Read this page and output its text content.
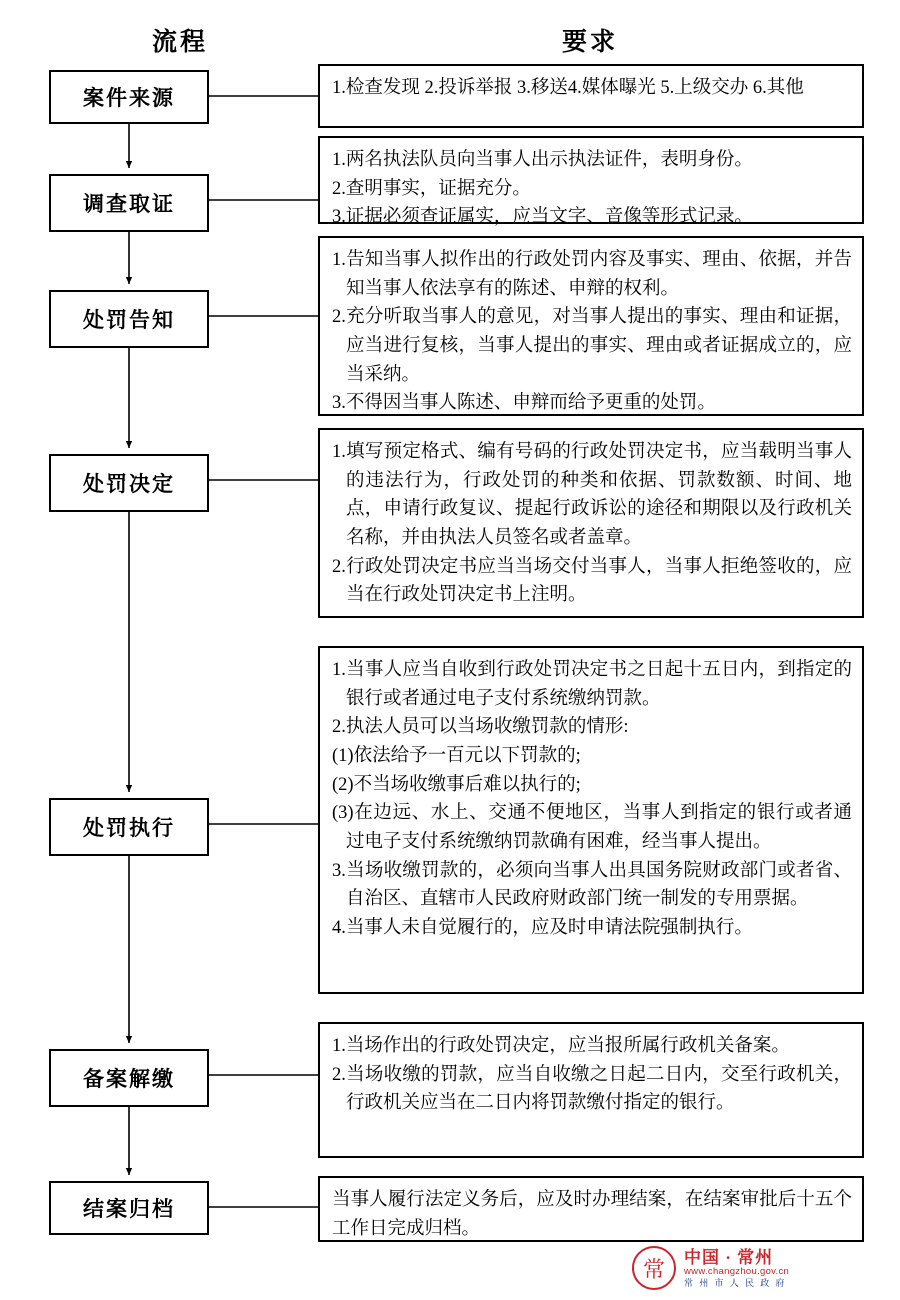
流程	要求
案件来源
调查取证
处罚告知
处罚决定
处罚执行
备案解缴
结案归档

1.检查发现 2.投诉举报 3.移送4.媒体曝光 5.上级交办 6.其他

1.两名执法队员向当事人出示执法证件，表明身份。

2.查明事实，证据充分。

3.证据必须查证属实，应当文字、音像等形式记录。

1.告知当事人拟作出的行政处罚内容及事实、理由、依据，并告知当事人依法享有的陈述、申辩的权利。

2.充分听取当事人的意见，对当事人提出的事实、理由和证据，应当进行复核，当事人提出的事实、理由或者证据成立的，应当采纳。

3.不得因当事人陈述、申辩而给予更重的处罚。

1.填写预定格式、编有号码的行政处罚决定书，应当载明当事人的违法行为，行政处罚的种类和依据、罚款数额、时间、地点，申请行政复议、提起行政诉讼的途径和期限以及行政机关名称，并由执法人员签名或者盖章。

2.行政处罚决定书应当当场交付当事人，当事人拒绝签收的，应当在行政处罚决定书上注明。

1.当事人应当自收到行政处罚决定书之日起十五日内，到指定的银行或者通过电子支付系统缴纳罚款。

2.执法人员可以当场收缴罚款的情形:

(1)依法给予一百元以下罚款的;

(2)不当场收缴事后难以执行的;

(3)在边远、水上、交通不便地区，当事人到指定的银行或者通过电子支付系统缴纳罚款确有困难，经当事人提出。

3.当场收缴罚款的，必须向当事人出具国务院财政部门或者省、自治区、直辖市人民政府财政部门统一制发的专用票据。

4.当事人未自觉履行的，应及时申请法院强制执行。

1.当场作出的行政处罚决定，应当报所属行政机关备案。

2.当场收缴的罚款，应当自收缴之日起二日内，交至行政机关，行政机关应当在二日内将罚款缴付指定的银行。

当事人履行法定义务后，应及时办理结案，在结案审批后十五个工作日完成归档。

常	中国 · 常州
www.changzhou.gov.cn
常 州 市 人 民 政 府
